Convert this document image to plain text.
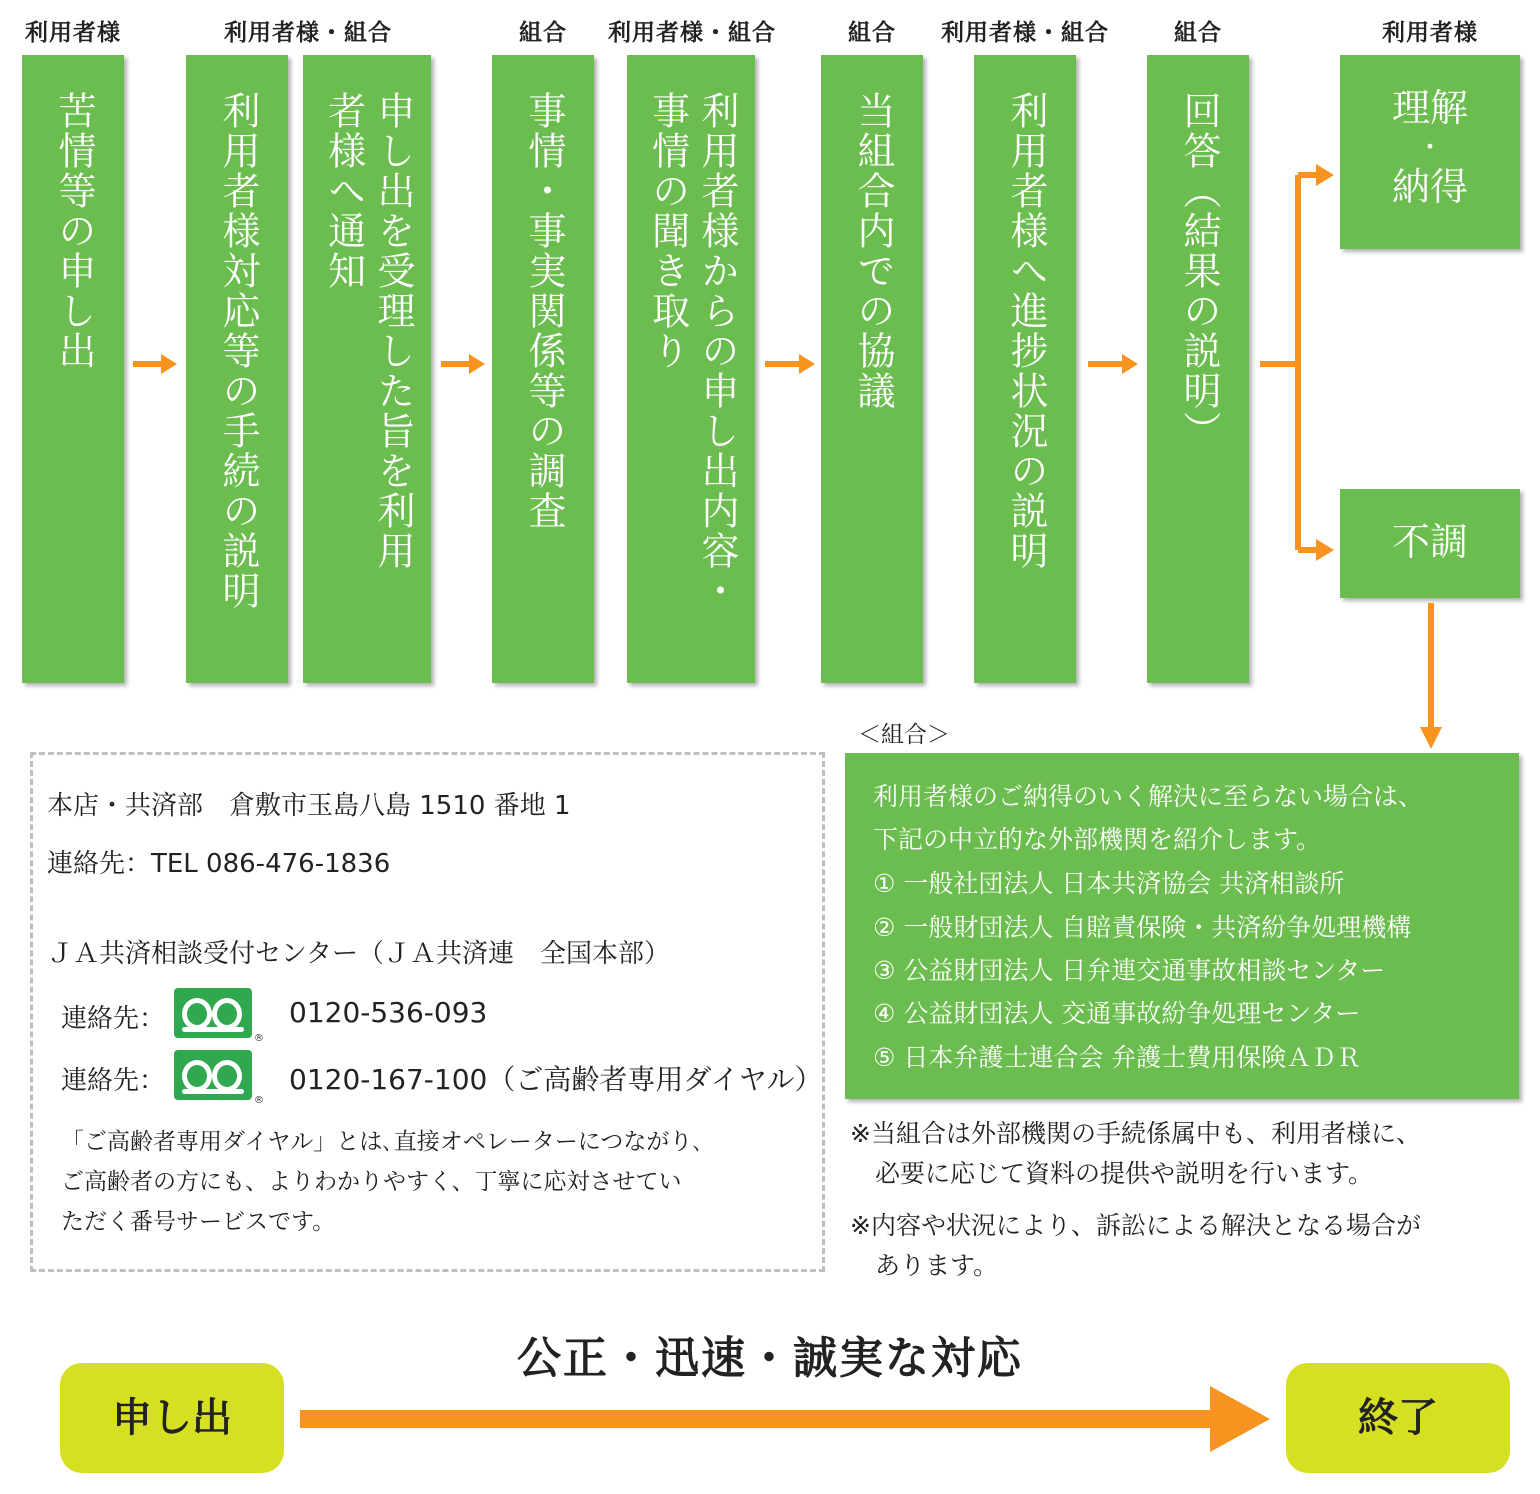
利用者様	利用者様・組合	組合 利用者様・組合	組合 利用者様・組合	組合	利用者様
苦情等の申し出	利用者様対応等の手続の説明	申し出を受理した旨を利用
者様へ通知	事情・事実関係等の調査	利用者様からの申し出内容・
事情の聞き取り	当組合内での協議	利用者様へ進捗状況の説明	回答（結果の説明）	理解
・
納得
不調
＜組合＞
利用者様のご納得のいく解決に至らない場合は、
下記の中立的な外部機関を紹介します。
① 一般社団法人 日本共済協会 共済相談所
② 一般財団法人 自賠責保険・共済紛争処理機構
③ 公益財団法人 日弁連交通事故相談センター
④ 公益財団法人 交通事故紛争処理センター
⑤ 日本弁護士連合会 弁護士費用保険ＡＤＲ
※当組合は外部機関の手続係属中も、利用者様に、
　必要に応じて資料の提供や説明を行います。
※内容や状況により、訴訟による解決となる場合が
　あります。
本店・共済部　倉敷市玉島八島 1510 番地 1
連絡先：TEL 086-476-1836
ＪＡ共済相談受付センター（ＪＡ共済連　全国本部）
連絡先：
®
0120-536-093
連絡先：
®
0120-167-100（ご高齢者専用ダイヤル）
「ご高齢者専用ダイヤル」とは､直接オペレーターにつながり､
ご高齢者の方にも、よりわかりやすく、丁寧に応対させてい
ただく番号サービスです。
公正・迅速・誠実な対応
申し出	終了
